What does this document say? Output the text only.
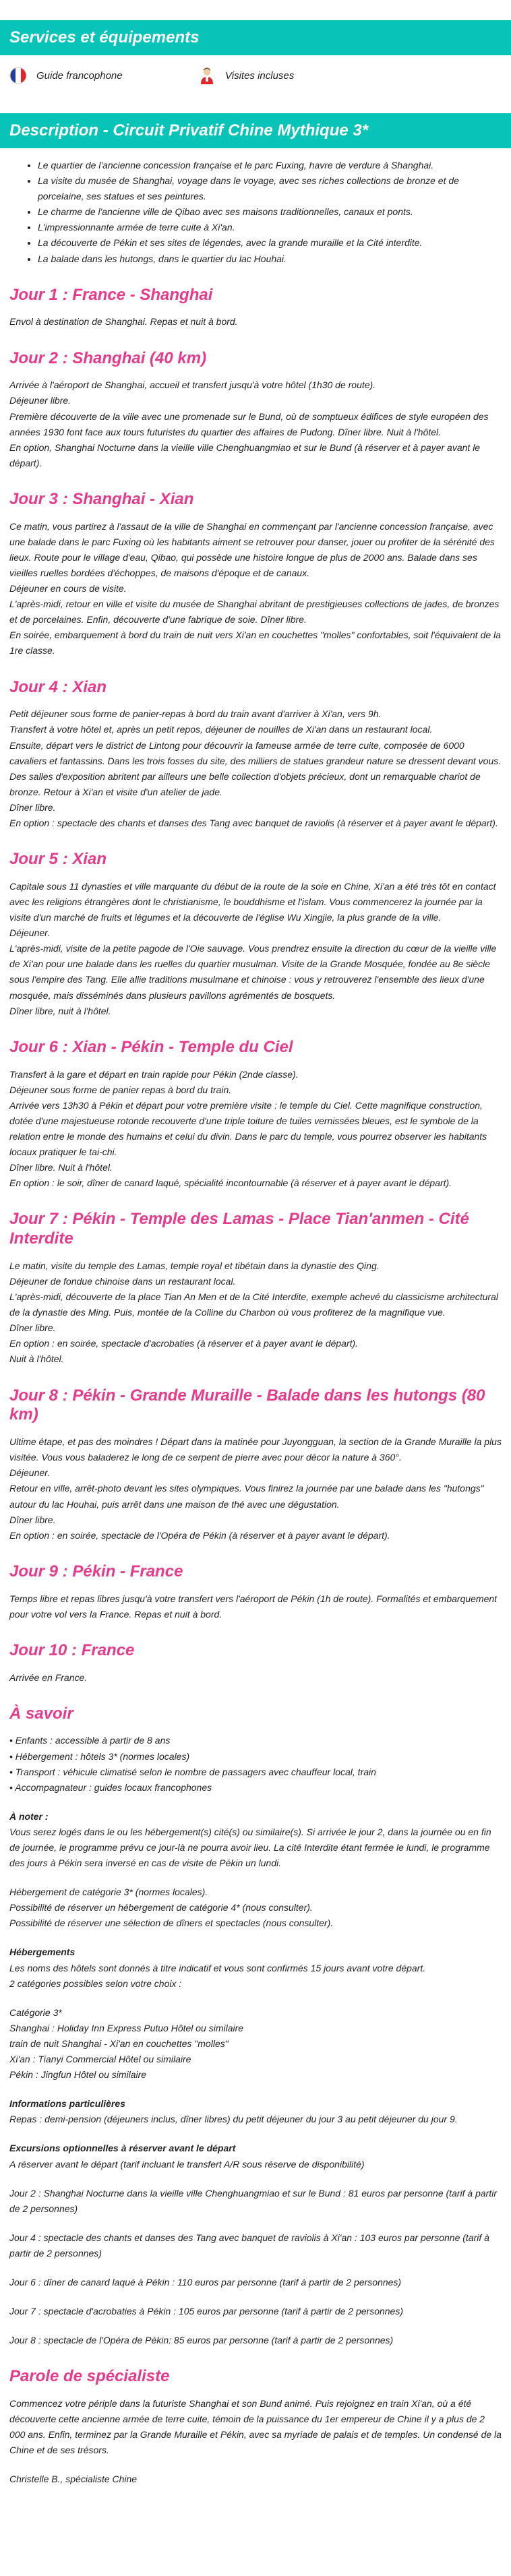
Services et équipements
Guide francophone	Visites incluses
Description - Circuit Privatif Chine Mythique 3*
• Le quartier de l'ancienne concession française et le parc Fuxing, havre de verdure à Shanghai.
• La visite du musée de Shanghai, voyage dans le voyage, avec ses riches collections de bronze et de porcelaine, ses statues et ses peintures.
• Le charme de l'ancienne ville de Qibao avec ses maisons traditionnelles, canaux et ponts.
• L'impressionnante armée de terre cuite à Xi'an.
• La découverte de Pékin et ses sites de légendes, avec la grande muraille et la Cité interdite.
• La balade dans les hutongs, dans le quartier du lac Houhai.
Jour 1 : France - Shanghai

Envol à destination de Shanghai. Repas et nuit à bord.

Jour 2 : Shanghai (40 km)

Arrivée à l'aéroport de Shanghai, accueil et transfert jusqu'à votre hôtel (1h30 de route).
Déjeuner libre.
Première découverte de la ville avec une promenade sur le Bund, où de somptueux édifices de style européen des années 1930 font face aux tours futuristes du quartier des affaires de Pudong. Dîner libre. Nuit à l'hôtel.
En option, Shanghai Nocturne dans la vieille ville Chenghuangmiao et sur le Bund (à réserver et à payer avant le départ).

Jour 3 : Shanghai - Xian

Ce matin, vous partirez à l'assaut de la ville de Shanghai en commençant par l'ancienne concession française, avec une balade dans le parc Fuxing où les habitants aiment se retrouver pour danser, jouer ou profiter de la sérénité des lieux. Route pour le village d'eau, Qibao, qui possède une histoire longue de plus de 2000 ans. Balade dans ses vieilles ruelles bordées d'échoppes, de maisons d'époque et de canaux.
Déjeuner en cours de visite.
L'après-midi, retour en ville et visite du musée de Shanghai abritant de prestigieuses collections de jades, de bronzes et de porcelaines. Enfin, découverte d'une fabrique de soie. Dîner libre.
En soirée, embarquement à bord du train de nuit vers Xi'an en couchettes "molles" confortables, soit l'équivalent de la 1re classe.

Jour 4 : Xian

Petit déjeuner sous forme de panier-repas à bord du train avant d'arriver à Xi'an, vers 9h.
Transfert à votre hôtel et, après un petit repos, déjeuner de nouilles de Xi'an dans un restaurant local.
Ensuite, départ vers le district de Lintong pour découvrir la fameuse armée de terre cuite, composée de 6000 cavaliers et fantassins. Dans les trois fosses du site, des milliers de statues grandeur nature se dressent devant vous. Des salles d'exposition abritent par ailleurs une belle collection d'objets précieux, dont un remarquable chariot de bronze. Retour à Xi'an et visite d'un atelier de jade.
Dîner libre.
En option : spectacle des chants et danses des Tang avec banquet de raviolis (à réserver et à payer avant le départ).

Jour 5 : Xian

Capitale sous 11 dynasties et ville marquante du début de la route de la soie en Chine, Xi'an a été très tôt en contact avec les religions étrangères dont le christianisme, le bouddhisme et l'islam. Vous commencerez la journée par la visite d'un marché de fruits et légumes et la découverte de l'église Wu Xingjie, la plus grande de la ville.
Déjeuner.
L'après-midi, visite de la petite pagode de l'Oie sauvage. Vous prendrez ensuite la direction du cœur de la vieille ville de Xi'an pour une balade dans les ruelles du quartier musulman. Visite de la Grande Mosquée, fondée au 8e siècle sous l'empire des Tang. Elle allie traditions musulmane et chinoise : vous y retrouverez l'ensemble des lieux d'une mosquée, mais disséminés dans plusieurs pavillons agrémentés de bosquets.
Dîner libre, nuit à l'hôtel.

Jour 6 : Xian - Pékin - Temple du Ciel

Transfert à la gare et départ en train rapide pour Pékin (2nde classe).
Déjeuner sous forme de panier repas à bord du train.
Arrivée vers 13h30 à Pékin et départ pour votre première visite : le temple du Ciel. Cette magnifique construction, dotée d'une majestueuse rotonde recouverte d'une triple toiture de tuiles vernissées bleues, est le symbole de la relation entre le monde des humains et celui du divin. Dans le parc du temple, vous pourrez observer les habitants locaux pratiquer le tai-chi.
Dîner libre. Nuit à l'hôtel.
En option : le soir, dîner de canard laqué, spécialité incontournable (à réserver et à payer avant le départ).

Jour 7 : Pékin - Temple des Lamas - Place Tian'anmen - Cité Interdite

Le matin, visite du temple des Lamas, temple royal et tibétain dans la dynastie des Qing.
Déjeuner de fondue chinoise dans un restaurant local.
L'après-midi, découverte de la place Tian An Men et de la Cité Interdite, exemple achevé du classicisme architectural de la dynastie des Ming. Puis, montée de la Colline du Charbon où vous profiterez de la magnifique vue.
Dîner libre.
En option : en soirée, spectacle d'acrobaties (à réserver et à payer avant le départ).
Nuit à l'hôtel.

Jour 8 : Pékin - Grande Muraille - Balade dans les hutongs (80 km)

Ultime étape, et pas des moindres ! Départ dans la matinée pour Juyongguan, la section de la Grande Muraille la plus visitée. Vous vous baladerez le long de ce serpent de pierre avec pour décor la nature à 360°.
Déjeuner.
Retour en ville, arrêt-photo devant les sites olympiques. Vous finirez la journée par une balade dans les "hutongs" autour du lac Houhai, puis arrêt dans une maison de thé avec une dégustation.
Dîner libre.
En option : en soirée, spectacle de l'Opéra de Pékin (à réserver et à payer avant le départ).

Jour 9 : Pékin - France

Temps libre et repas libres jusqu'à votre transfert vers l'aéroport de Pékin (1h de route). Formalités et embarquement pour votre vol vers la France. Repas et nuit à bord.

Jour 10 : France

Arrivée en France.

À savoir
• Enfants : accessible à partir de 8 ans
• Hébergement : hôtels 3* (normes locales)
• Transport : véhicule climatisé selon le nombre de passagers avec chauffeur local, train
• Accompagnateur : guides locaux francophones

À noter :

Vous serez logés dans le ou les hébergement(s) cité(s) ou similaire(s). Si arrivée le jour 2, dans la journée ou en fin de journée, le programme prévu ce jour-là ne pourra avoir lieu. La cité Interdite étant fermée le lundi, le programme des jours à Pékin sera inversé en cas de visite de Pékin un lundi.

Hébergement de catégorie 3* (normes locales).
Possibilité de réserver un hébergement de catégorie 4* (nous consulter).
Possibilité de réserver une sélection de dîners et spectacles (nous consulter).

Hébergements

Les noms des hôtels sont donnés à titre indicatif et vous sont confirmés 15 jours avant votre départ.
2 catégories possibles selon votre choix :

Catégorie 3*
Shanghai : Holiday Inn Express Putuo Hôtel ou similaire
train de nuit Shanghai - Xi'an en couchettes "molles"
Xi'an : Tianyi Commercial Hôtel ou similaire
Pékin : Jingfun Hôtel ou similaire

Informations particulières

Repas : demi-pension (déjeuners inclus, dîner libres) du petit déjeuner du jour 3 au petit déjeuner du jour 9.

Excursions optionnelles à réserver avant le départ

A réserver avant le départ (tarif incluant le transfert A/R sous réserve de disponibilité)

Jour 2 : Shanghai Nocturne dans la vieille ville Chenghuangmiao et sur le Bund : 81 euros par personne (tarif à partir de 2 personnes)

Jour 4 : spectacle des chants et danses des Tang avec banquet de raviolis à Xi'an : 103 euros par personne (tarif à partir de 2 personnes)

Jour 6 : dîner de canard laqué à Pékin : 110 euros par personne (tarif à partir de 2 personnes)

Jour 7 : spectacle d'acrobaties à Pékin : 105 euros par personne (tarif à partir de 2 personnes)

Jour 8 : spectacle de l'Opéra de Pékin: 85 euros par personne (tarif à partir de 2 personnes)

Parole de spécialiste

Commencez votre périple dans la futuriste Shanghai et son Bund animé. Puis rejoignez en train Xi'an, où a été découverte cette ancienne armée de terre cuite, témoin de la puissance du 1er empereur de Chine il y a plus de 2 000 ans. Enfin, terminez par la Grande Muraille et Pékin, avec sa myriade de palais et de temples. Un condensé de la Chine et de ses trésors.

Christelle B., spécialiste Chine
